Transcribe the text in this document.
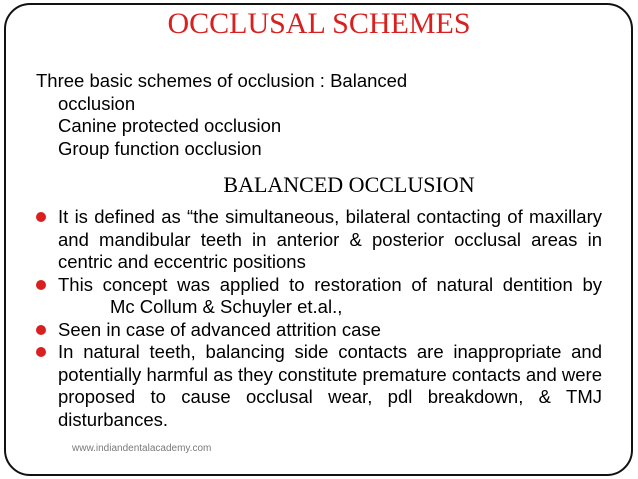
OCCLUSAL SCHEMES
Three basic schemes of occlusion : Balanced
occlusion
Canine protected occlusion
Group function occlusion
BALANCED OCCLUSION
It is defined as “the simultaneous, bilateral contacting of maxillary and mandibular teeth in anterior & posterior occlusal areas in centric and eccentric positions
This concept was applied to restoration of natural dentition byMc Collum & Schuyler et.al.,
Seen in case of advanced attrition case
In natural teeth, balancing side contacts are inappropriate and potentially harmful as they constitute premature contacts and were proposed to cause occlusal wear, pdl breakdown, & TMJ disturbances.
www.indiandentalacademy.com
